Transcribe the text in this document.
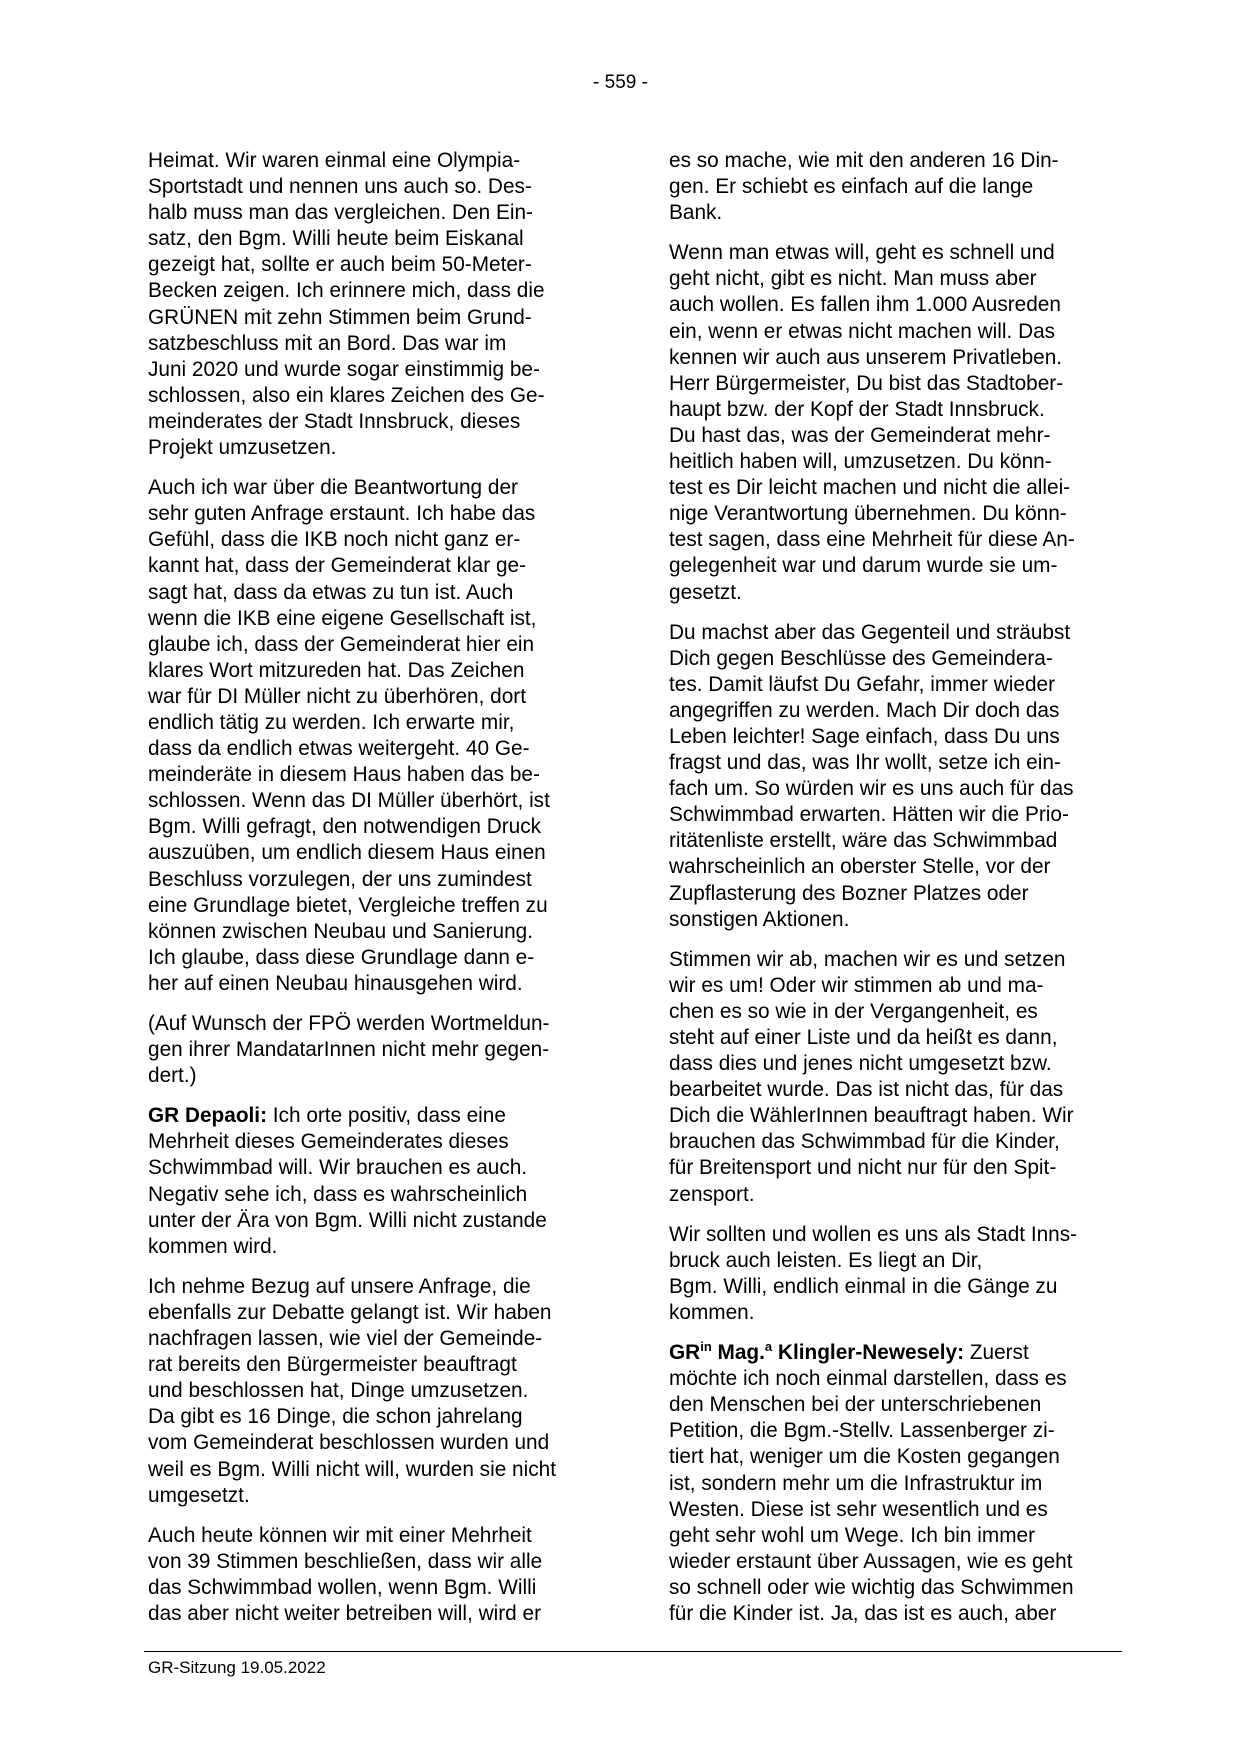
- 559 -

Heimat. Wir waren einmal eine Olympia-
Sportstadt und nennen uns auch so. Des-
halb muss man das vergleichen. Den Ein-
satz, den Bgm. Willi heute beim Eiskanal
gezeigt hat, sollte er auch beim 50-Meter-
Becken zeigen. Ich erinnere mich, dass die
GRÜNEN mit zehn Stimmen beim Grund-
satzbeschluss mit an Bord. Das war im
Juni 2020 und wurde sogar einstimmig be-
schlossen, also ein klares Zeichen des Ge-
meinderates der Stadt Innsbruck, dieses
Projekt umzusetzen.

Auch ich war über die Beantwortung der
sehr guten Anfrage erstaunt. Ich habe das
Gefühl, dass die IKB noch nicht ganz er-
kannt hat, dass der Gemeinderat klar ge-
sagt hat, dass da etwas zu tun ist. Auch
wenn die IKB eine eigene Gesellschaft ist,
glaube ich, dass der Gemeinderat hier ein
klares Wort mitzureden hat. Das Zeichen
war für DI Müller nicht zu überhören, dort
endlich tätig zu werden. Ich erwarte mir,
dass da endlich etwas weitergeht. 40 Ge-
meinderäte in diesem Haus haben das be-
schlossen. Wenn das DI Müller überhört, ist
Bgm. Willi gefragt, den notwendigen Druck
auszuüben, um endlich diesem Haus einen
Beschluss vorzulegen, der uns zumindest
eine Grundlage bietet, Vergleiche treffen zu
können zwischen Neubau und Sanierung.
Ich glaube, dass diese Grundlage dann e-
her auf einen Neubau hinausgehen wird.

(Auf Wunsch der FPÖ werden Wortmeldun-
gen ihrer MandatarInnen nicht mehr gegen-
dert.)

GR Depaoli: Ich orte positiv, dass eine
Mehrheit dieses Gemeinderates dieses
Schwimmbad will. Wir brauchen es auch.
Negativ sehe ich, dass es wahrscheinlich
unter der Ära von Bgm. Willi nicht zustande
kommen wird.

Ich nehme Bezug auf unsere Anfrage, die
ebenfalls zur Debatte gelangt ist. Wir haben
nachfragen lassen, wie viel der Gemeinde-
rat bereits den Bürgermeister beauftragt
und beschlossen hat, Dinge umzusetzen.
Da gibt es 16 Dinge, die schon jahrelang
vom Gemeinderat beschlossen wurden und
weil es Bgm. Willi nicht will, wurden sie nicht
umgesetzt.

Auch heute können wir mit einer Mehrheit
von 39 Stimmen beschließen, dass wir alle
das Schwimmbad wollen, wenn Bgm. Willi
das aber nicht weiter betreiben will, wird er

es so mache, wie mit den anderen 16 Din-
gen. Er schiebt es einfach auf die lange
Bank.

Wenn man etwas will, geht es schnell und
geht nicht, gibt es nicht. Man muss aber
auch wollen. Es fallen ihm 1.000 Ausreden
ein, wenn er etwas nicht machen will. Das
kennen wir auch aus unserem Privatleben.
Herr Bürgermeister, Du bist das Stadtober-
haupt bzw. der Kopf der Stadt Innsbruck.
Du hast das, was der Gemeinderat mehr-
heitlich haben will, umzusetzen. Du könn-
test es Dir leicht machen und nicht die allei-
nige Verantwortung übernehmen. Du könn-
test sagen, dass eine Mehrheit für diese An-
gelegenheit war und darum wurde sie um-
gesetzt.

Du machst aber das Gegenteil und sträubst
Dich gegen Beschlüsse des Gemeindera-
tes. Damit läufst Du Gefahr, immer wieder
angegriffen zu werden. Mach Dir doch das
Leben leichter! Sage einfach, dass Du uns
fragst und das, was Ihr wollt, setze ich ein-
fach um. So würden wir es uns auch für das
Schwimmbad erwarten. Hätten wir die Prio-
ritätenliste erstellt, wäre das Schwimmbad
wahrscheinlich an oberster Stelle, vor der
Zupflasterung des Bozner Platzes oder
sonstigen Aktionen.

Stimmen wir ab, machen wir es und setzen
wir es um! Oder wir stimmen ab und ma-
chen es so wie in der Vergangenheit, es
steht auf einer Liste und da heißt es dann,
dass dies und jenes nicht umgesetzt bzw.
bearbeitet wurde. Das ist nicht das, für das
Dich die WählerInnen beauftragt haben. Wir
brauchen das Schwimmbad für die Kinder,
für Breitensport und nicht nur für den Spit-
zensport.

Wir sollten und wollen es uns als Stadt Inns-
bruck auch leisten. Es liegt an Dir,
Bgm. Willi, endlich einmal in die Gänge zu
kommen.

$GR^{in}$ Mag.$^a$ Klingler-Newesely: Zuerst
möchte ich noch einmal darstellen, dass es
den Menschen bei der unterschriebenen
Petition, die Bgm.-Stellv. Lassenberger zi-
tiert hat, weniger um die Kosten gegangen
ist, sondern mehr um die Infrastruktur im
Westen. Diese ist sehr wesentlich und es
geht sehr wohl um Wege. Ich bin immer
wieder erstaunt über Aussagen, wie es geht
so schnell oder wie wichtig das Schwimmen
für die Kinder ist. Ja, das ist es auch, aber

GR-Sitzung 19.05.2022
